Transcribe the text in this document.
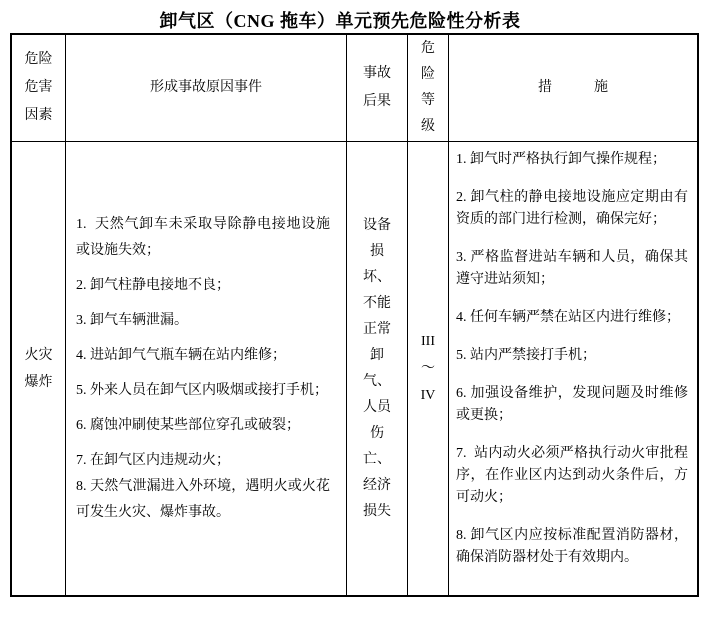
卸气区（CNG 拖车）单元预先危险性分析表
危险
危害
因素
形成事故原因事件
事故
后果
危
险
等
级
措	施
火灾
爆炸

1.  天然气卸车未采取导除静电接地设施或设施失效；

2. 卸气柱静电接地不良；

3. 卸气车辆泄漏。

4. 进站卸气气瓶车辆在站内维修；

5. 外来人员在卸气区内吸烟或接打手机；

6. 腐蚀冲刷使某些部位穿孔或破裂；

7. 在卸气区内违规动火；

8. 天然气泄漏进入外环境，遇明火或火花可发生火灾、爆炸事故。

设备
损
坏、
不能
正常
卸
气、
人员
伤
亡、
经济
损失
III
～
IV

1. 卸气时严格执行卸气操作规程；

2. 卸气柱的静电接地设施应定期由有资质的部门进行检测，确保完好；

3. 严格监督进站车辆和人员，确保其遵守进站须知；

4. 任何车辆严禁在站区内进行维修；

5. 站内严禁接打手机；

6. 加强设备维护，发现问题及时维修或更换；

7.  站内动火必须严格执行动火审批程序，在作业区内达到动火条件后，方可动火；

8. 卸气区内应按标准配置消防器材，确保消防器材处于有效期内。
